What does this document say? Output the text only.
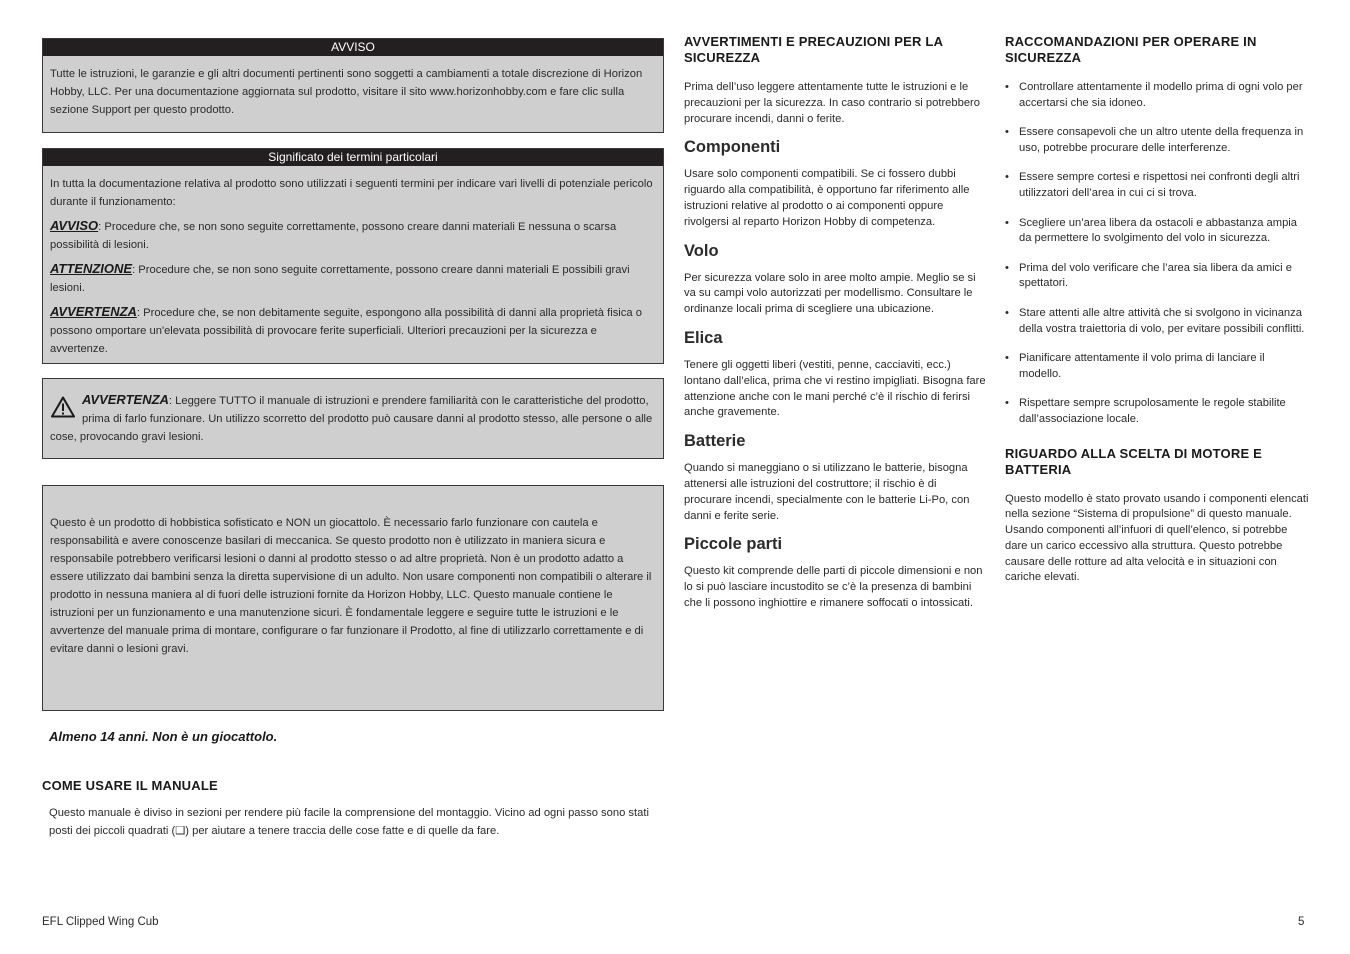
AVVISO

Tutte le istruzioni, le garanzie e gli altri documenti pertinenti sono soggetti a cambiamenti a totale discrezione di Horizon Hobby, LLC. Per una documentazione aggiornata sul prodotto, visitare il sito www.horizonhobby.com e fare clic sulla sezione Support per questo prodotto.

Significato dei termini particolari

In tutta la documentazione relativa al prodotto sono utilizzati i seguenti termini per indicare vari livelli di potenziale pericolo durante il funzionamento:

AVVISO: Procedure che, se non sono seguite correttamente, possono creare danni materiali E nessuna o scarsa possibilità di lesioni.

ATTENZIONE: Procedure che, se non sono seguite correttamente, possono creare danni materiali E possibili gravi lesioni.

AVVERTENZA: Procedure che, se non debitamente seguite, espongono alla possibilità di danni alla proprietà fisica o possono omportare un'elevata possibilità di provocare ferite superficiali. Ulteriori precauzioni per la sicurezza e avvertenze.

AVVERTENZA: Leggere TUTTO il manuale di istruzioni e prendere familiarità con le caratteristiche del prodotto, prima di farlo funzionare. Un utilizzo scorretto del prodotto può causare danni al prodotto stesso, alle persone o alle cose, provocando gravi lesioni.

Questo è un prodotto di hobbistica sofisticato e NON un giocattolo. È necessario farlo funzionare con cautela e responsabilità e avere conoscenze basilari di meccanica. Se questo prodotto non è utilizzato in maniera sicura e responsabile potrebbero verificarsi lesioni o danni al prodotto stesso o ad altre proprietà. Non è un prodotto adatto a essere utilizzato dai bambini senza la diretta supervisione di un adulto. Non usare componenti non compatibili o alterare il prodotto in nessuna maniera al di fuori delle istruzioni fornite da Horizon Hobby, LLC. Questo manuale contiene le istruzioni per un funzionamento e una manutenzione sicuri. È fondamentale leggere e seguire tutte le istruzioni e le avvertenze del manuale prima di montare, configurare o far funzionare il Prodotto, al fine di utilizzarlo correttamente e di evitare danni o lesioni gravi.

Almeno 14 anni. Non è un giocattolo.
COME USARE IL MANUALE

Questo manuale è diviso in sezioni per rendere più facile la comprensione del montaggio. Vicino ad ogni passo sono stati posti dei piccoli quadrati (❑) per aiutare a tenere traccia delle cose fatte e di quelle da fare.

AVVERTIMENTI E PRECAUZIONI PER LA SICUREZZA

Prima dell’uso leggere attentamente tutte le istruzioni e le precauzioni per la sicurezza. In caso contrario si potrebbero procurare incendi, danni o ferite.

Componenti

Usare solo componenti compatibili. Se ci fossero dubbi riguardo alla compatibilità, è opportuno far riferimento alle istruzioni relative al prodotto o ai componenti oppure rivolgersi al reparto Horizon Hobby di competenza.

Volo

Per sicurezza volare solo in aree molto ampie. Meglio se si va su campi volo autorizzati per modellismo. Consultare le ordinanze locali prima di scegliere una ubicazione.

Elica

Tenere gli oggetti liberi (vestiti, penne, cacciaviti, ecc.) lontano dall’elica, prima che vi restino impigliati. Bisogna fare attenzione anche con le mani perché c’è il rischio di ferirsi anche gravemente.

Batterie

Quando si maneggiano o si utilizzano le batterie, bisogna attenersi alle istruzioni del costruttore; il rischio è di procurare incendi, specialmente con le batterie Li-Po, con danni e ferite serie.

Piccole parti

Questo kit comprende delle parti di piccole dimensioni e non lo si può lasciare incustodito se c’è la presenza di bambini che li possono inghiottire e rimanere soffocati o intossicati.

RACCOMANDAZIONI PER OPERARE IN SICUREZZA
• Controllare attentamente il modello prima di ogni volo per accertarsi che sia idoneo.
• Essere consapevoli che un altro utente della frequenza in uso, potrebbe procurare delle interferenze.
• Essere sempre cortesi e rispettosi nei confronti degli altri utilizzatori dell’area in cui ci si trova.
• Scegliere un’area libera da ostacoli e abbastanza ampia da permettere lo svolgimento del volo in sicurezza.
• Prima del volo verificare che l’area sia libera da amici e spettatori.
• Stare attenti alle altre attività che si svolgono in vicinanza della vostra traiettoria di volo, per evitare possibili conflitti.
• Pianificare attentamente il volo prima di lanciare il modello.
• Rispettare sempre scrupolosamente le regole stabilite dall’associazione locale.
RIGUARDO ALLA SCELTA DI MOTORE E BATTERIA

Questo modello è stato provato usando i componenti elencati nella sezione “Sistema di propulsione” di questo manuale. Usando componenti all’infuori di quell’elenco, si potrebbe dare un carico eccessivo alla struttura. Questo potrebbe causare delle rotture ad alta velocità e in situazioni con cariche elevati.

EFL Clipped Wing Cub	5
